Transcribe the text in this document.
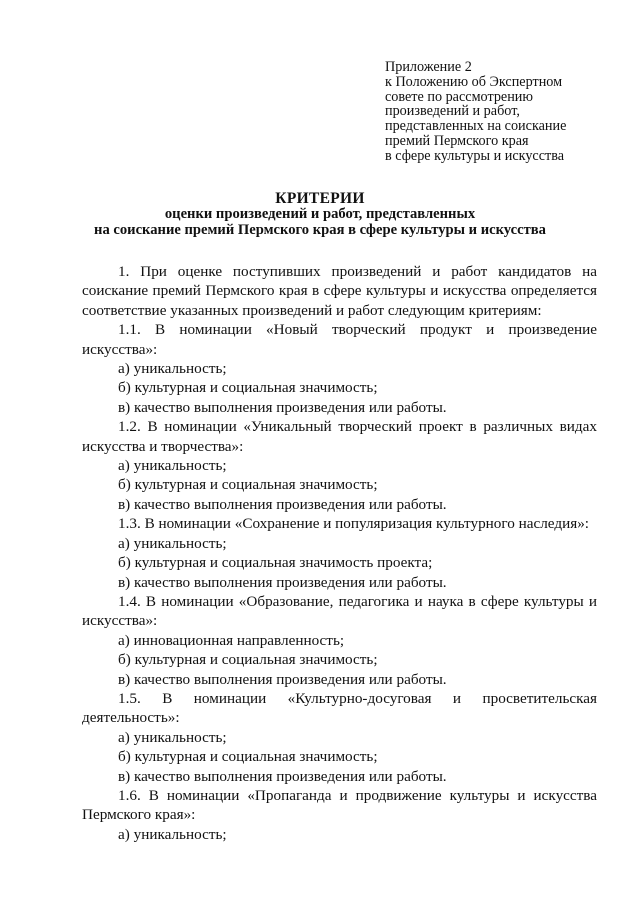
Приложение 2
к Положению об Экспертном
совете по рассмотрению
произведений и работ,
представленных на соискание
премий Пермского края
в сфере культуры и искусства
КРИТЕРИИ
оценки произведений и работ, представленных
на соискание премий Пермского края в сфере культуры и искусства
1. При оценке поступивших произведений и работ кандидатов на соискание премий Пермского края в сфере культуры и искусства определяется соответствие указанных произведений и работ следующим критериям:
1.1. В номинации «Новый творческий продукт и произведение искусства»:
а) уникальность;
б) культурная и социальная значимость;
в) качество выполнения произведения или работы.
1.2. В номинации «Уникальный творческий проект в различных видах искусства и творчества»:
а) уникальность;
б) культурная и социальная значимость;
в) качество выполнения произведения или работы.
1.3. В номинации «Сохранение и популяризация культурного наследия»:
а) уникальность;
б) культурная и социальная значимость проекта;
в) качество выполнения произведения или работы.
1.4. В номинации «Образование, педагогика и наука в сфере культуры и искусства»:
а) инновационная направленность;
б) культурная и социальная значимость;
в) качество выполнения произведения или работы.
1.5. В номинации «Культурно-досуговая и просветительская деятельность»:
а) уникальность;
б) культурная и социальная значимость;
в) качество выполнения произведения или работы.
1.6. В номинации «Пропаганда и продвижение культуры и искусства Пермского края»:
а) уникальность;
